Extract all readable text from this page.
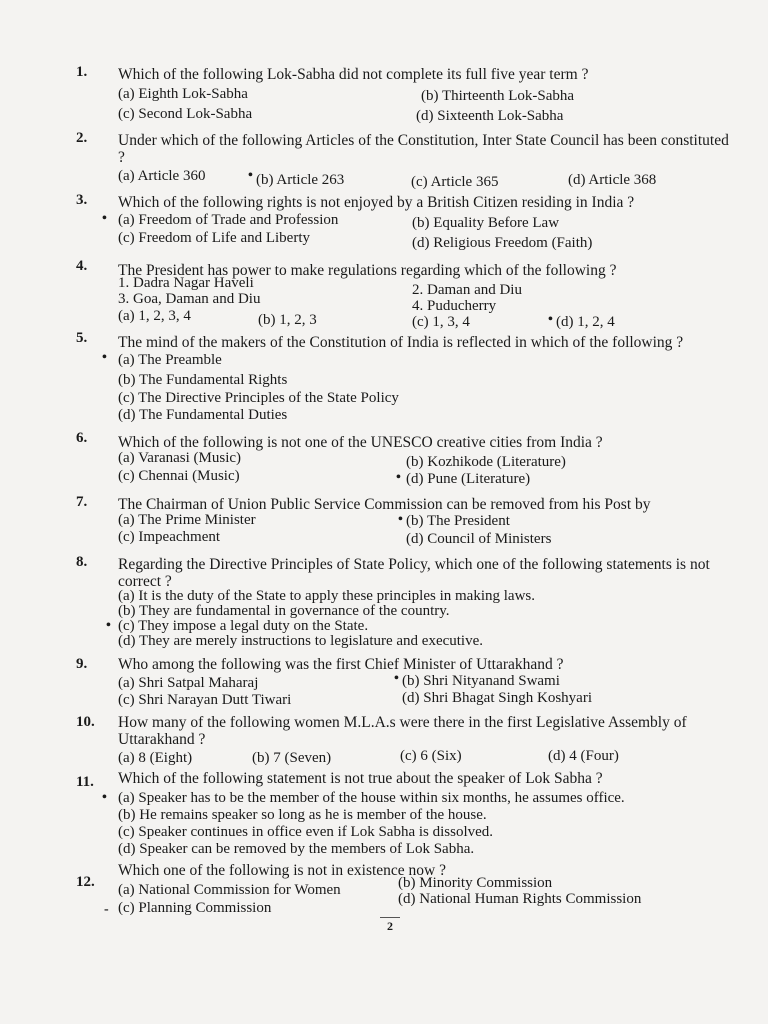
1. Which of the following Lok-Sabha did not complete its full five year term ?
(a) Eighth Lok-Sabha	(b) Thirteenth Lok-Sabha
(c) Second Lok-Sabha	(d) Sixteenth Lok-Sabha
2. Under which of the following Articles of the Constitution, Inter State Council has been constituted ?
(a) Article 360	• (b) Article 263	(c) Article 365	(d) Article 368
3. Which of the following rights is not enjoyed by a British Citizen residing in India ?
• (a) Freedom of Trade and Profession	(b) Equality Before Law
(c) Freedom of Life and Liberty	(d) Religious Freedom (Faith)
4. The President has power to make regulations regarding which of the following ?
1. Dadra Nagar Haveli	2. Daman and Diu
3. Goa, Daman and Diu	4. Puducherry
(a) 1, 2, 3, 4	(b) 1, 2, 3	(c) 1, 3, 4	• (d) 1, 2, 4
5. The mind of the makers of the Constitution of India is reflected in which of the following ?
• (a) The Preamble
(b) The Fundamental Rights
(c) The Directive Principles of the State Policy
(d) The Fundamental Duties
6. Which of the following is not one of the UNESCO creative cities from India ?
(a) Varanasi (Music)	(b) Kozhikode (Literature)
(c) Chennai (Music)	• (d) Pune (Literature)
7. The Chairman of Union Public Service Commission can be removed from his Post by
(a) The Prime Minister	• (b) The President
(c) Impeachment	(d) Council of Ministers
8. Regarding the Directive Principles of State Policy, which one of the following statements is not correct ?
(a) It is the duty of the State to apply these principles in making laws.
(b) They are fundamental in governance of the country.
• (c) They impose a legal duty on the State.
(d) They are merely instructions to legislature and executive.
9. Who among the following was the first Chief Minister of Uttarakhand ?
(a) Shri Satpal Maharaj	• (b) Shri Nityanand Swami
(c) Shri Narayan Dutt Tiwari	(d) Shri Bhagat Singh Koshyari
10. How many of the following women M.L.A.s were there in the first Legislative Assembly of Uttarakhand ?
(a) 8 (Eight)	(b) 7 (Seven)	(c) 6 (Six)	(d) 4 (Four)
11. Which of the following statement is not true about the speaker of Lok Sabha ?
• (a) Speaker has to be the member of the house within six months, he assumes office.
(b) He remains speaker so long as he is member of the house.
(c) Speaker continues in office even if Lok Sabha is dissolved.
(d) Speaker can be removed by the members of Lok Sabha.
12.
Which one of the following is not in existence now ?
(a) National Commission for Women	(b) Minority Commission
- (c) Planning Commission
(d) National Human Rights Commission
2
